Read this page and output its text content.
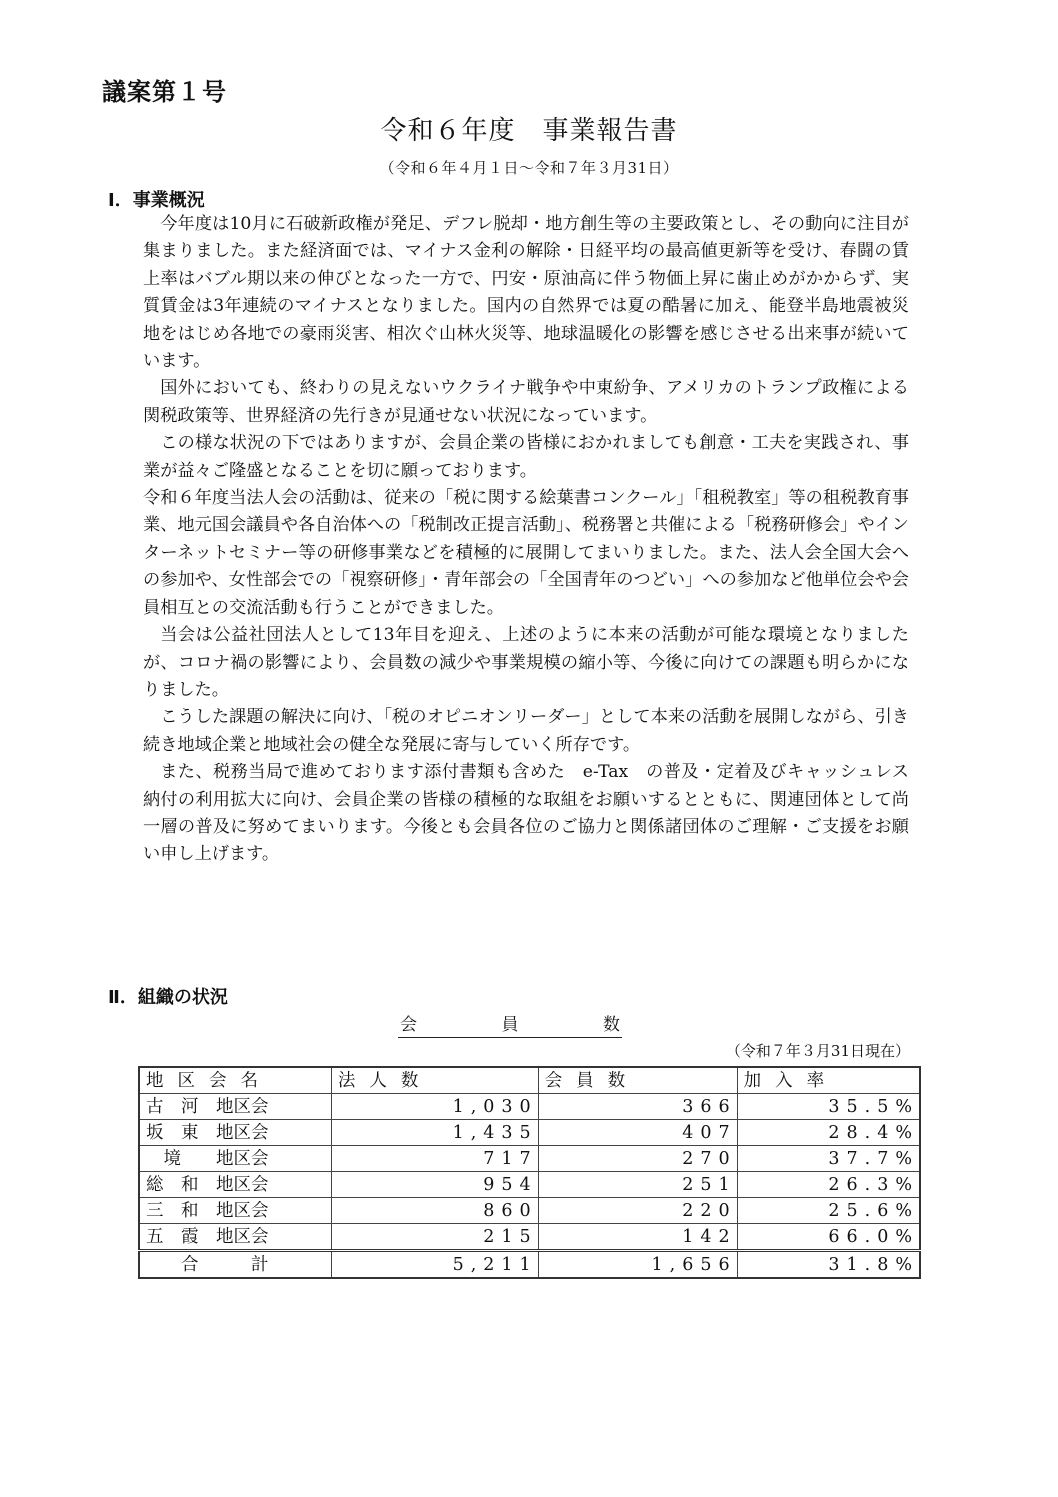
議案第１号
令和６年度　事業報告書
（令和６年４月１日～令和７年３月31日）
Ⅰ．事業概況

今年度は10月に石破新政権が発足、デフレ脱却・地方創生等の主要政策とし、その動向に注目が集まりました。また経済面では、マイナス金利の解除・日経平均の最高値更新等を受け、春闘の賃上率はバブル期以来の伸びとなった一方で、円安・原油高に伴う物価上昇に歯止めがかからず、実質賃金は3年連続のマイナスとなりました。国内の自然界では夏の酷暑に加え、能登半島地震被災地をはじめ各地での豪雨災害、相次ぐ山林火災等、地球温暖化の影響を感じさせる出来事が続いています。

国外においても、終わりの見えないウクライナ戦争や中東紛争、アメリカのトランプ政権による関税政策等、世界経済の先行きが見通せない状況になっています。

この様な状況の下ではありますが、会員企業の皆様におかれましても創意・工夫を実践され、事業が益々ご隆盛となることを切に願っております。

令和６年度当法人会の活動は、従来の「税に関する絵葉書コンクール」「租税教室」等の租税教育事業、地元国会議員や各自治体への「税制改正提言活動」、税務署と共催による「税務研修会」やインターネットセミナー等の研修事業などを積極的に展開してまいりました。また、法人会全国大会への参加や、女性部会での「視察研修」・青年部会の「全国青年のつどい」への参加など他単位会や会員相互との交流活動も行うことができました。

当会は公益社団法人として13年目を迎え、上述のように本来の活動が可能な環境となりましたが、コロナ禍の影響により、会員数の減少や事業規模の縮小等、今後に向けての課題も明らかになりました。

こうした課題の解決に向け、「税のオピニオンリーダー」として本来の活動を展開しながら、引き続き地域企業と地域社会の健全な発展に寄与していく所存です。

また、税務当局で進めております添付書類も含めた　e-Tax　の普及・定着及びキャッシュレス納付の利用拡大に向け、会員企業の皆様の積極的な取組をお願いするとともに、関連団体として尚一層の普及に努めてまいります。今後とも会員各位のご協力と関係諸団体のご理解・ご支援をお願い申し上げます。

Ⅱ．組織の状況
会	員	数
（令和７年３月31日現在）
地区会名	法人数	会員数	加入率
古　河　地区会	1,030	366	35.5%
坂　東　地区会	1,435	407	28.4%
　境　　地区会	717	270	37.7%
総　和　地区会	954	251	26.3%
三　和　地区会	860	220	25.6%
五　霞　地区会	215	142	66.0%
　　合　　　計	5,211	1,656	31.8%
